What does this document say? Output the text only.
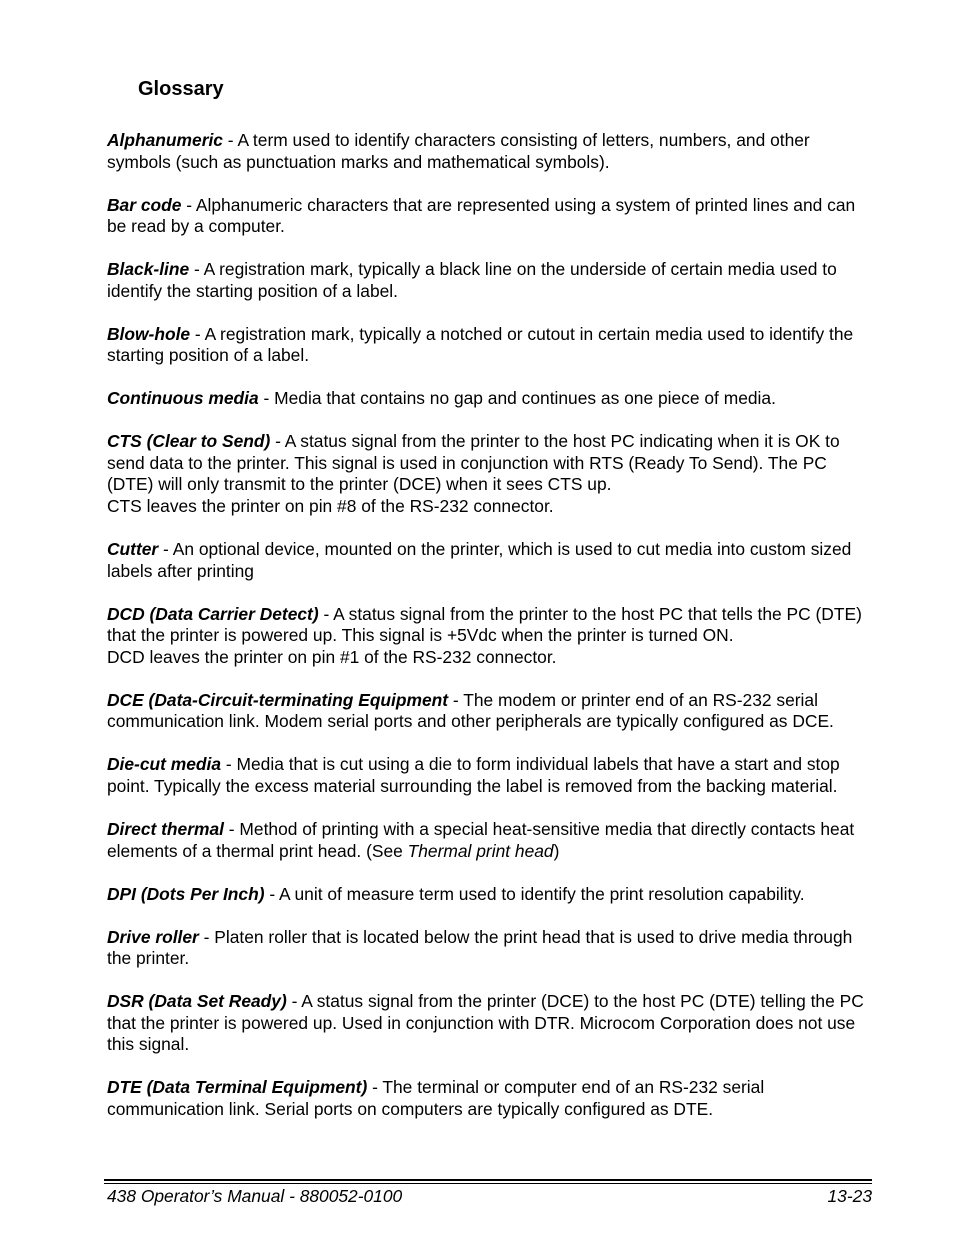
Glossary

Alphanumeric - A term used to identify characters consisting of letters, numbers, and other symbols (such as punctuation marks and mathematical symbols).

Bar code - Alphanumeric characters that are represented using a system of printed lines and can be read by a computer.

Black-line - A registration mark, typically a black line on the underside of certain media used to identify the starting position of a label.

Blow-hole - A registration mark, typically a notched or cutout in certain media used to identify the starting position of a label.

Continuous media - Media that contains no gap and continues as one piece of media.

CTS (Clear to Send) - A status signal from the printer to the host PC indicating when it is OK to send data to the printer. This signal is used in conjunction with RTS (Ready To Send). The PC (DTE) will only transmit to the printer (DCE) when it sees CTS up.
CTS leaves the printer on pin #8 of the RS-232 connector.

Cutter - An optional device, mounted on the printer, which is used to cut media into custom sized labels after printing

DCD (Data Carrier Detect) - A status signal from the printer to the host PC that tells the PC (DTE) that the printer is powered up. This signal is +5Vdc when the printer is turned ON.
DCD leaves the printer on pin #1 of the RS-232 connector.

DCE (Data-Circuit-terminating Equipment - The modem or printer end of an RS-232 serial communication link. Modem serial ports and other peripherals are typically configured as DCE.

Die-cut media - Media that is cut using a die to form individual labels that have a start and stop point. Typically the excess material surrounding the label is removed from the backing material.

Direct thermal - Method of printing with a special heat-sensitive media that directly contacts heat elements of a thermal print head. (See Thermal print head)

DPI (Dots Per Inch) - A unit of measure term used to identify the print resolution capability.

Drive roller - Platen roller that is located below the print head that is used to drive media through the printer.

DSR (Data Set Ready) - A status signal from the printer (DCE) to the host PC (DTE) telling the PC that the printer is powered up. Used in conjunction with DTR. Microcom Corporation does not use this signal.

DTE (Data Terminal Equipment) - The terminal or computer end of an RS-232 serial communication link. Serial ports on computers are typically configured as DTE.

438 Operator’s Manual - 880052-0100	13-23
